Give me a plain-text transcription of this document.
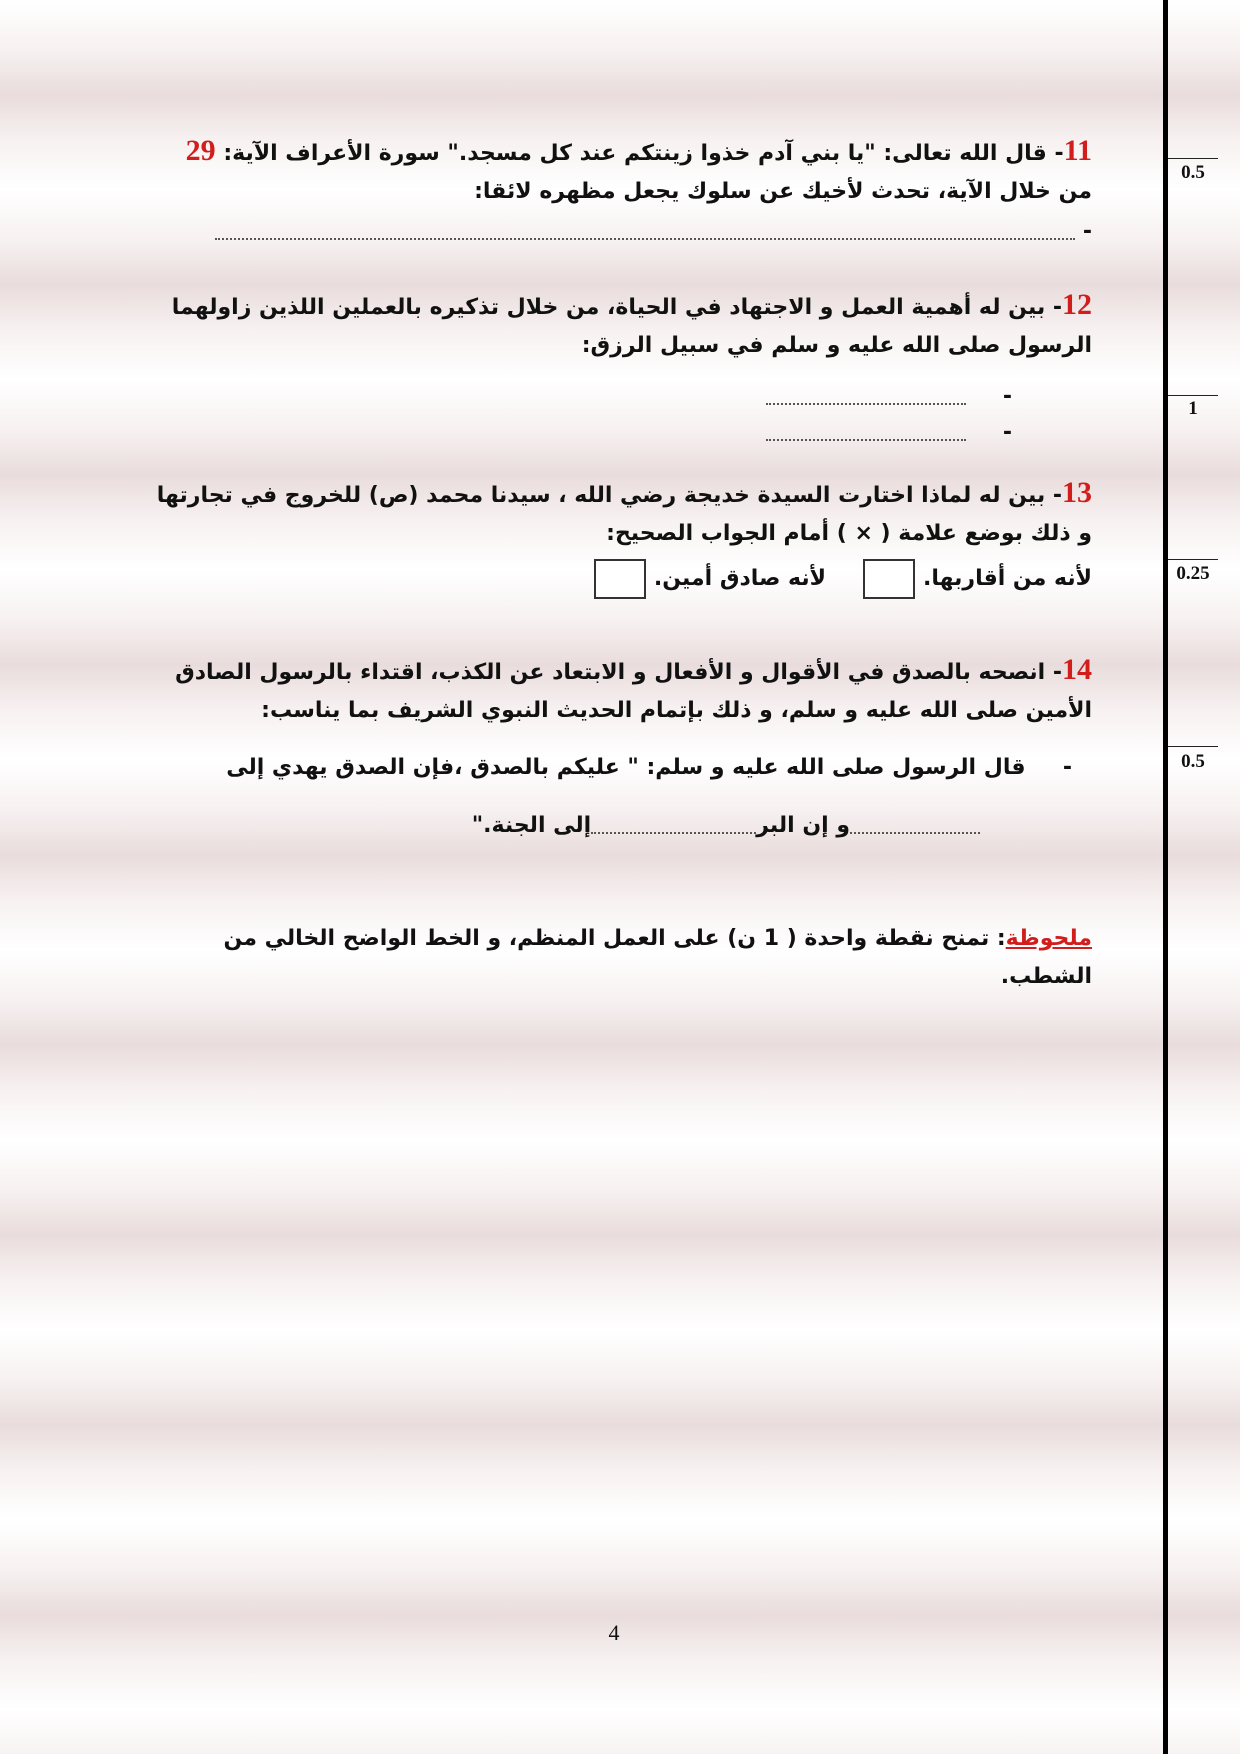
0.5
1
0.25
0.5
11- قال الله تعالى: "يا بني آدم خذوا زينتكم عند كل مسجد." سورة الأعراف الآية: 29
من خلال الآية، تحدث لأخيك عن سلوك يجعل مظهره لائقا:
-
12- بين له أهمية العمل و الاجتهاد في الحياة، من خلال تذكيره بالعملين اللذين زاولهما
الرسول صلى الله عليه و سلم في سبيل الرزق:
-
-
13- بين له لماذا اختارت السيدة خديجة رضي الله ، سيدنا محمد (ص) للخروج في تجارتها
و ذلك بوضع علامة ( × ) أمام الجواب الصحيح:
لأنه من أقاربها.   لأنه صادق أمين.
14- انصحه بالصدق في الأقوال و الأفعال و الابتعاد عن الكذب، اقتداء بالرسول الصادق
الأمين صلى الله عليه و سلم، و ذلك بإتمام الحديث النبوي الشريف بما يناسب:
-  قال الرسول صلى الله عليه و سلم: " عليكم بالصدق ،فإن الصدق يهدي إلى
و إن البرإلى الجنة."
ملحوظة: تمنح نقطة واحدة ( 1 ن) على العمل المنظم، و الخط الواضح الخالي من الشطب.
4
